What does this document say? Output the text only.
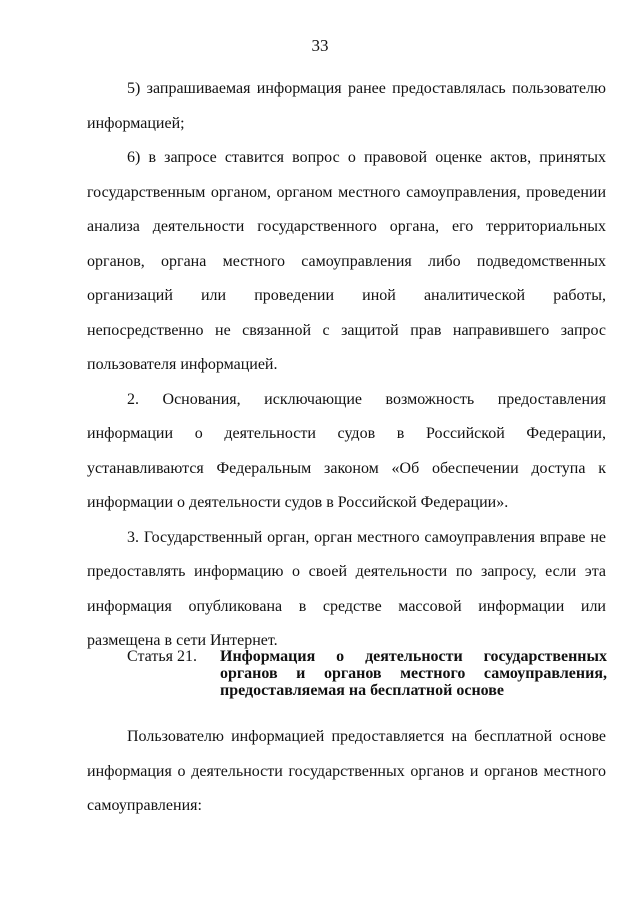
33

5) запрашиваемая информация ранее предоставлялась пользователю информацией;

6) в запросе ставится вопрос о правовой оценке актов, принятых государственным органом, органом местного самоуправления, проведении анализа деятельности государственного органа, его территориальных органов, органа местного самоуправления либо подведомственных организаций или проведении иной аналитической работы, непосредственно не связанной с защитой прав направившего запрос пользователя информацией.

2. Основания, исключающие возможность предоставления информации о деятельности судов в Российской Федерации, устанавливаются Федеральным законом «Об обеспечении доступа к информации о деятельности судов в Российской Федерации».

3. Государственный орган, орган местного самоуправления вправе не предоставлять информацию о своей деятельности по запросу, если эта информация опубликована в средстве массовой информации или размещена в сети Интернет.

Статья 21.	Информация о деятельности государственных органов и органов местного самоуправления, предоставляемая на бесплатной основе

Пользователю информацией предоставляется на бесплатной основе информация о деятельности государственных органов и органов местного самоуправления:
